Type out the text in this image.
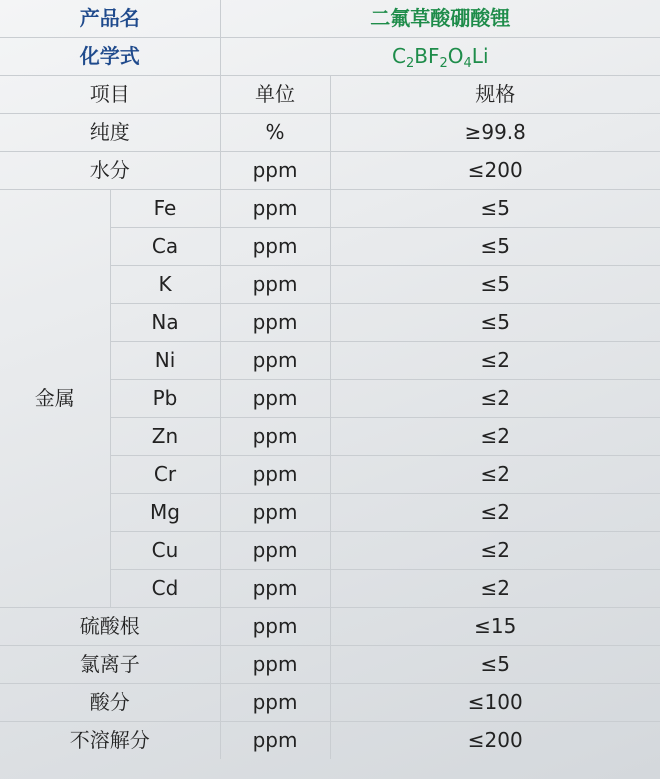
产品名		二氟草酸硼酸锂	
化学式		$C_2BF_2O_4Li$	
项目		单位	规格
纯度		%	≥99.8
水分		ppm	≤200
金属	Fe	ppm	≤5
	Ca	ppm	≤5
	K	ppm	≤5
	Na	ppm	≤5
	Ni	ppm	≤2
	Pb	ppm	≤2
	Zn	ppm	≤2
	Cr	ppm	≤2
	Mg	ppm	≤2
	Cu	ppm	≤2
	Cd	ppm	≤2
硫酸根		ppm	≤15
氯离子		ppm	≤5
酸分		ppm	≤100
不溶解分		ppm	≤200
